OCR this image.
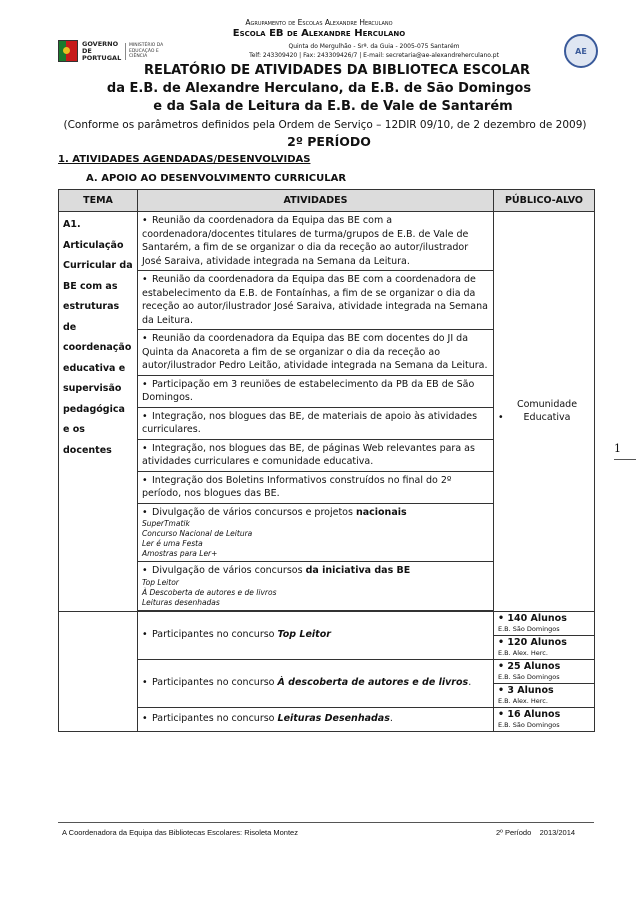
GOVERNO DE PORTUGAL
MINISTÉRIO DA EDUCAÇÃO E CIÊNCIA
AE
Agrupamento de Escolas Alexandre Herculano
Escola EB de Alexandre Herculano
Quinta do Mergulhão - Srª. da Guia - 2005-075 Santarém
Telf: 243309420 | Fax: 243309426/7 | E-mail: secretaria@ae-alexandreherculano.pt
RELATÓRIO DE ATIVIDADES DA BIBLIOTECA ESCOLAR
da E.B. de Alexandre Herculano, da E.B. de São Domingos
e da Sala de Leitura da E.B. de Vale de Santarém
(Conforme os parâmetros definidos pela Ordem de Serviço – 12DIR 09/10, de 2 dezembro de 2009)
2º PERÍODO
1. ATIVIDADES AGENDADAS/DESENVOLVIDAS
A. APOIO AO DESENVOLVIMENTO CURRICULAR
TEMA	ATIVIDADES	PÚBLICO-ALVO
A1. Articulação Curricular da BE com as estruturas de coordenação educativa e supervisão pedagógica e os docentes	• Reunião da coordenadora da Equipa das BE com a coordenadora/docentes titulares de turma/grupos de E.B. de Vale de Santarém, a fim de se organizar o dia da receção ao autor/ilustrador José Saraiva, atividade integrada na Semana da Leitura.	•Comunidade Educativa
	• Reunião da coordenadora da Equipa das BE com a coordenadora de estabelecimento da E.B. de Fontaínhas, a fim de se organizar o dia da receção ao autor/ilustrador José Saraiva, atividade integrada na Semana da Leitura.	
	• Reunião da coordenadora da Equipa das BE com docentes do JI da Quinta da Anacoreta a fim de se organizar o dia da receção ao autor/ilustrador Pedro Leitão, atividade integrada na Semana da Leitura.	
	• Participação em 3 reuniões de estabelecimento da PB da EB de São Domingos.	
	• Integração, nos blogues das BE, de materiais de apoio às atividades curriculares.	
	• Integração, nos blogues das BE, de páginas Web relevantes para as atividades curriculares e comunidade educativa.	
	• Integração dos Boletins Informativos construídos no final do 2º período, nos blogues das BE.	
	• Divulgação de vários concursos e projetos nacionais
SuperTmatik
Concurso Nacional de Leitura
Ler é uma Festa
Amostras para Ler+	

	• Divulgação de vários concursos da iniciativa das BE
Top Leitor
À Descoberta de autores e de livros
Leituras desenhadas	

	• Participantes no concurso Top Leitor	• 140 Alunos
E.B. São Domingos

		• 120 Alunos
E.B. Alex. Herc.

	• Participantes no concurso À descoberta de autores e de livros.	• 25 Alunos
E.B. São Domingos

		• 3 Alunos
E.B. Alex. Herc.

	• Participantes no concurso Leituras Desenhadas.	• 16 Alunos
E.B. São Domingos
1
A Coordenadora da Equipa das Bibliotecas Escolares: Risoleta Montez	2º Período    2013/2014
